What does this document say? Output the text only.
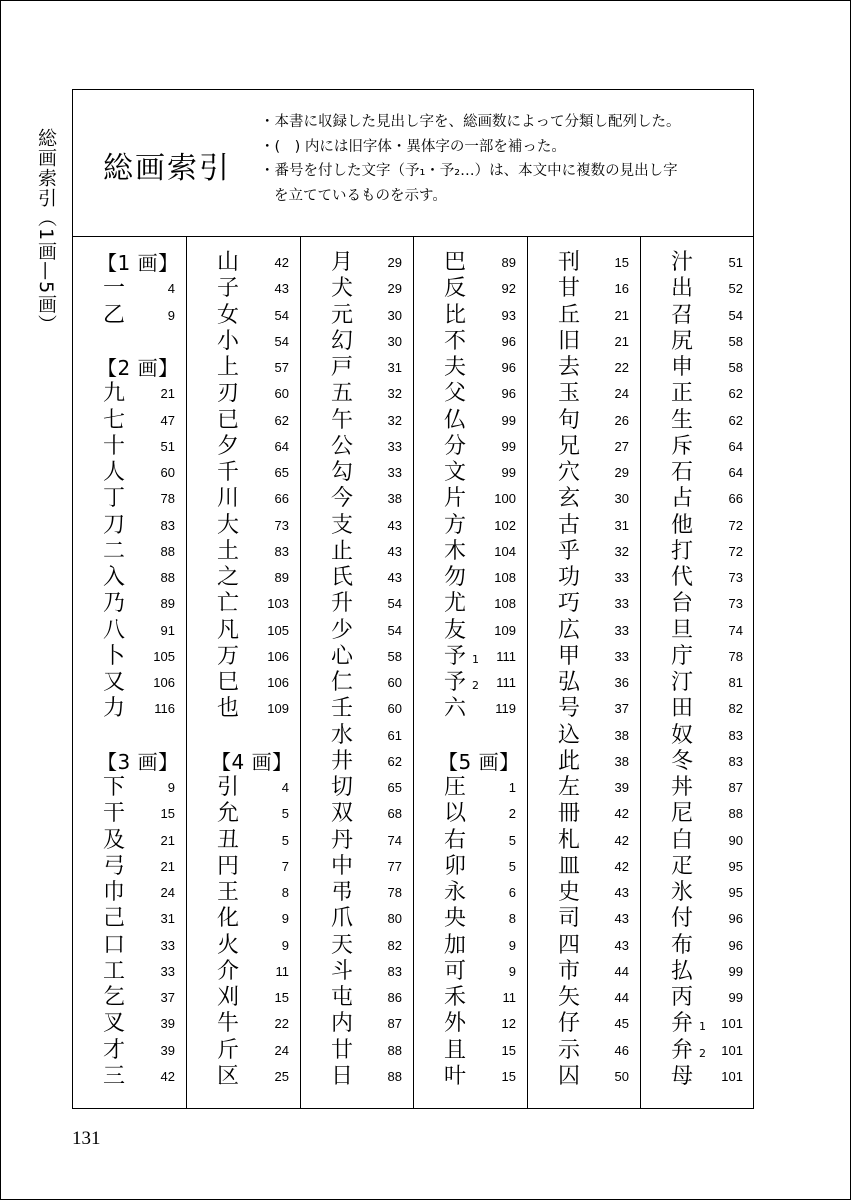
総画索引（1画—5画） 総画索引
・本書に収録した見出し字を、総画数によって分類し配列した。
・(　) 内には旧字体・異体字の一部を補った。
・番号を付した文字（予₁・予₂…）は、本文中に複数の見出し字
を立てているものを示す。
【1 画】
一	4
乙	9
【2 画】
九	21
七	47
十	51
人	60
丁	78
刀	83
二	88
入	88
乃	89
八	91
卜 105
又 106
力 116
【3 画】
下	9
干	15
及	21
弓	21
巾	24
己	31
口	33
工	33
乞	37
叉	39
才	39
三	42
山	42
子	43
女	54
小	54
上	57
刃	60
已	62
夕	64
千	65
川	66
大	73
土	83
之	89
亡 103
凡 105
万 106
巳 106
也 109
【4 画】
引	4
允	5
丑	5
円	7
王	8
化	9
火	9
介	11
刈	15
牛	22
斤	24
区	25
月	29
犬	29
元	30
幻	30
戸	31
五	32
午	32
公	33
勾	33
今	38
支	43
止	43
氏	43
升	54
少	54
心	58
仁	60
壬	60
水	61
井	62
切	65
双	68
丹	74
中	77
弔	78
爪	80
天	82
斗	83
屯	86
内	87
廿	88
日	88
巴	89
反	92
比	93
不	96
夫	96
父	96
仏	99
分	99
文	99
片 100
方 102
木 104
勿 108
尤 108
友 109
予 1 111
予 2 111
六 119
【5 画】
圧	1
以	2
右	5
卯	5
永	6
央	8
加	9
可	9
禾	11
外	12
且	15
叶	15
刊	15
甘	16
丘	21
旧	21
去	22
玉	24
句	26
兄	27
穴	29
玄	30
古	31
乎	32
功	33
巧	33
広	33
甲	33
弘	36
号	37
込	38
此	38
左	39
冊	42
札	42
皿	42
史	43
司	43
四	43
市	44
矢	44
仔	45
示	46
囚	50
汁	51
出	52
召	54
尻	58
申	58
正	62
生	62
斥	64
石	64
占	66
他	72
打	72
代	73
台	73
旦	74
庁	78
汀	81
田	82
奴	83
冬	83
丼	87
尼	88
白	90
疋	95
氷	95
付	96
布	96
払	99
丙	99
弁 1 101
弁 2 101
母 101
131
